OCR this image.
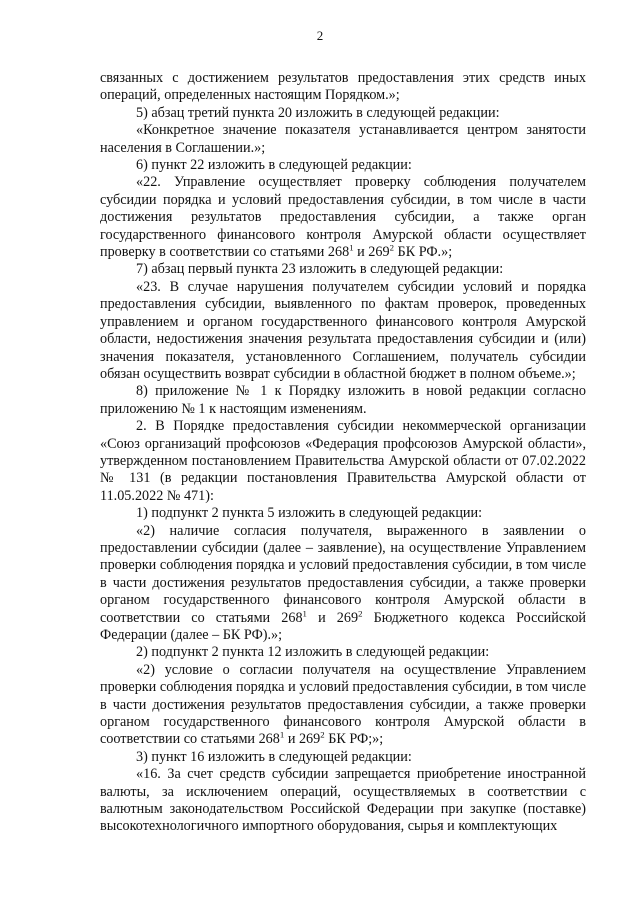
2

связанных с достижением результатов предоставления этих средств иных операций, определенных настоящим Порядком.»;

5) абзац третий пункта 20 изложить в следующей редакции:

«Конкретное значение показателя устанавливается центром занятости населения в Соглашении.»;

6) пункт 22 изложить в следующей редакции:

«22. Управление осуществляет проверку соблюдения получателем субсидии порядка и условий предоставления субсидии, в том числе в части достижения результатов предоставления субсидии, а также орган государственного финансового контроля Амурской области осуществляет проверку в соответствии со статьями $268^1$ и $269^2$ БК РФ.»;

7) абзац первый пункта 23 изложить в следующей редакции:

«23. В случае нарушения получателем субсидии условий и порядка предоставления субсидии, выявленного по фактам проверок, проведенных управлением и органом государственного финансового контроля Амурской области, недостижения значения результата предоставления субсидии и (или) значения показателя, установленного Соглашением, получатель субсидии обязан осуществить возврат субсидии в областной бюджет в полном объеме.»;

8) приложение № 1 к Порядку изложить в новой редакции согласно приложению № 1 к настоящим изменениям.

2. В Порядке предоставления субсидии некоммерческой организации «Союз организаций профсоюзов «Федерация профсоюзов Амурской области», утвержденном постановлением Правительства Амурской области от 07.02.2022 № 131 (в редакции постановления Правительства Амурской области от 11.05.2022 № 471):

1) подпункт 2 пункта 5 изложить в следующей редакции:

«2) наличие согласия получателя, выраженного в заявлении о предоставлении субсидии (далее – заявление), на осуществление Управлением проверки соблюдения порядка и условий предоставления субсидии, в том числе в части достижения результатов предоставления субсидии, а также проверки органом государственного финансового контроля Амурской области в соответствии со статьями $268^1$ и $269^2$ Бюджетного кодекса Российской Федерации (далее – БК РФ).»;

2) подпункт 2 пункта 12 изложить в следующей редакции:

«2) условие о согласии получателя на осуществление Управлением проверки соблюдения порядка и условий предоставления субсидии, в том числе в части достижения результатов предоставления субсидии, а также проверки органом государственного финансового контроля Амурской области в соответствии со статьями $268^1$ и $269^2$ БК РФ;»;

3) пункт 16 изложить в следующей редакции:

«16. За счет средств субсидии запрещается приобретение иностранной валюты, за исключением операций, осуществляемых в соответствии с валютным законодательством Российской Федерации при закупке (поставке) высокотехнологичного импортного оборудования, сырья и комплектующих
